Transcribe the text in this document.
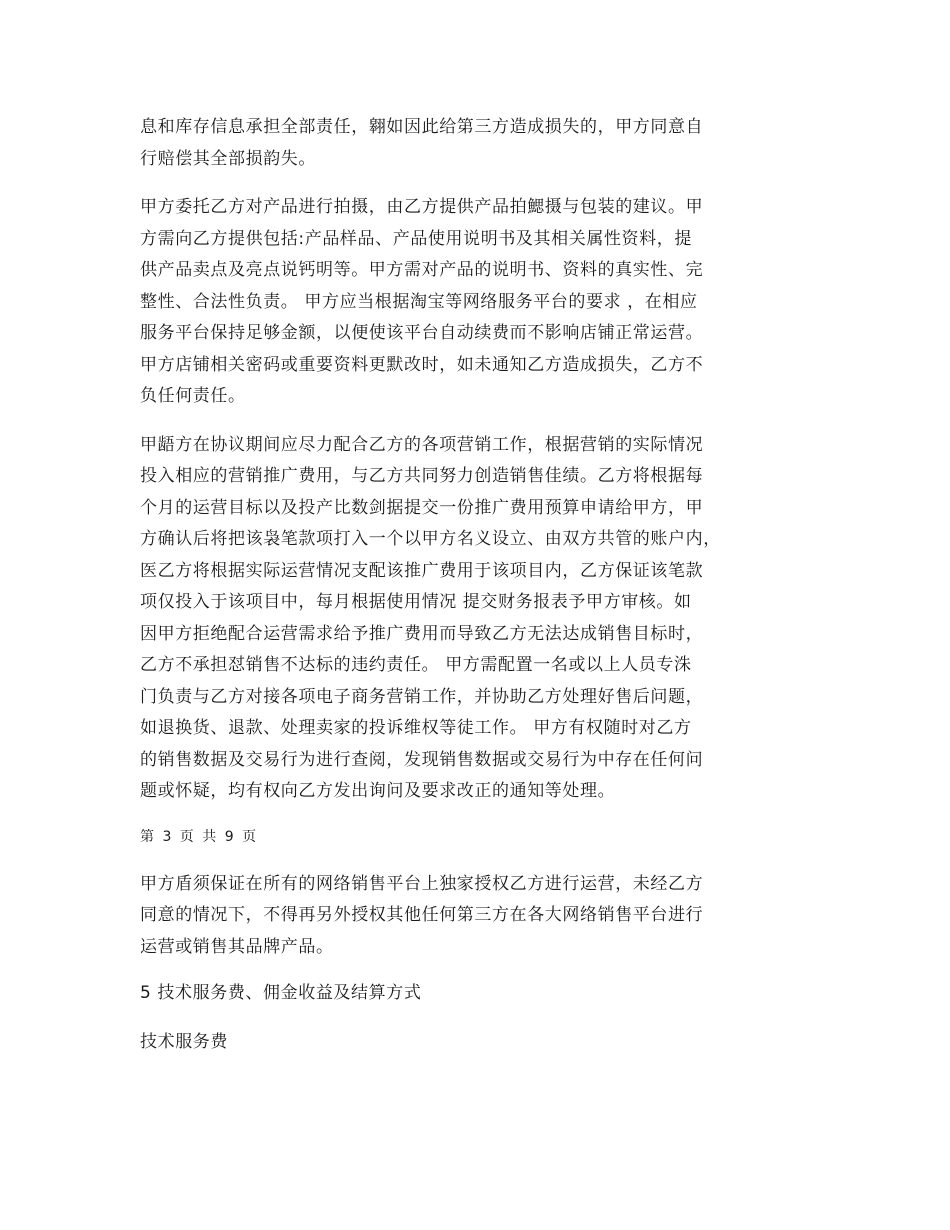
息和库存信息承担全部责任，翱如因此给第三方造成损失的，甲方同意自
行赔偿其全部损韵失。

甲方委托乙方对产品进行拍摄，由乙方提供产品拍鰓摄与包装的建议。甲
方需向乙方提供包括:产品样品、产品使用说明书及其相关属性资料，提
供产品卖点及亮点说钙明等。甲方需对产品的说明书、资料的真实性、完
整性、合法性负责。 甲方应当根据淘宝等网络服务平台的要求 ，在相应
服务平台保持足够金额，以便使该平台自动续费而不影响店铺正常运营。
甲方店铺相关密码或重要资料更默改时，如未通知乙方造成损失，乙方不
负任何责任。

甲龉方在协议期间应尽力配合乙方的各项营销工作，根据营销的实际情况
投入相应的营销推广费用，与乙方共同努力创造销售佳绩。乙方将根据每
个月的运营目标以及投产比数剑据提交一份推广费用预算申请给甲方，甲
方确认后将把该袅笔款项打入一个以甲方名义设立、由双方共管的账户内，
医乙方将根据实际运营情况支配该推广费用于该项目内，乙方保证该笔款
项仅投入于该项目中，每月根据使用情况 提交财务报表予甲方审核。如
因甲方拒绝配合运营需求给予推广费用而导致乙方无法达成销售目标时，
乙方不承担怼销售不达标的违约责任。 甲方需配置一名或以上人员专洙
门负责与乙方对接各项电子商务营销工作，并协助乙方处理好售后问题，
如退换货、退款、处理卖家的投诉维权等徒工作。 甲方有权随时对乙方
的销售数据及交易行为进行查阅，发现销售数据或交易行为中存在任何问
题或怀疑，均有权向乙方发出询问及要求改正的通知等处理。

第 3 页 共 9 页

甲方盾须保证在所有的网络销售平台上独家授权乙方进行运营，未经乙方
同意的情况下，不得再另外授权其他任何第三方在各大网络销售平台进行
运营或销售其品牌产品。

5 技术服务费、佣金收益及结算方式

技术服务费
